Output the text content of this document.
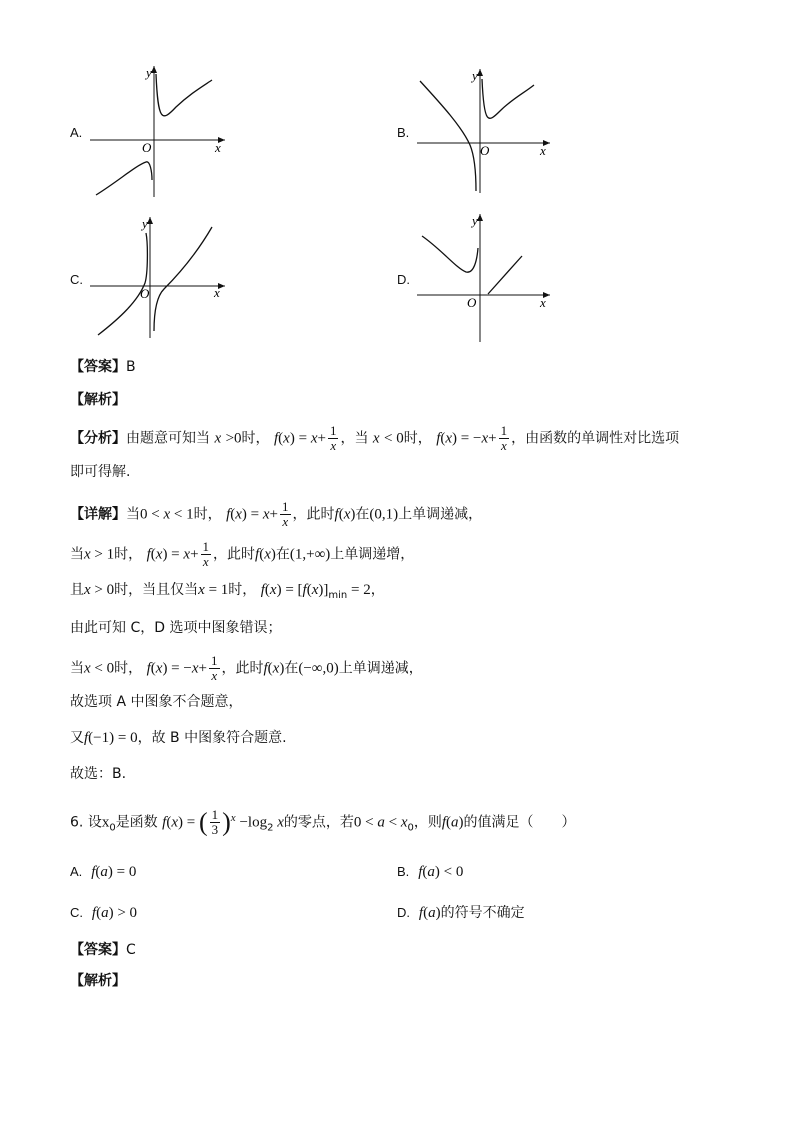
A.
y
x
O
B.
y
x
O
C.
y
x
O
D.
y
x
O
【答案】B
【解析】
【分析】由题意可知当 x >0时， $f(x) = x+ \frac{1}{x}$ ，当 x < 0时， $f(x) = -x+ \frac{1}{x}$ ，由函数的单调性对比选项
即可得解.
【详解】当0 < x < 1时， $f(x) = x+ \frac{1}{x}$ ，此时f(x)在(0,1)上单调递减，
当x > 1时， $f(x) = x+ \frac{1}{x}$ ，此时f(x)在(1,+∞)上单调递增，
且x > 0时，当且仅当x = 1时， $f(x) = [f(x)]_{min} = 2$，
由此可知 C，D 选项中图象错误；
当x < 0时， $f(x) = -x+ \frac{1}{x}$ ，此时f(x)在(−∞,0)上单调递减，
故选项 A 中图象不合题意，
又f(−1) = 0，故 B 中图象符合题意.
故选：B.
6. 设$x_0$是函数 f(x) = ( $\frac{1}{3} )^x -\log_2$ x的零点，若$0 < a < x_0$，则f(a)的值满足（　　）
A. f(a) = 0	B. f(a) < 0
C. f(a) > 0	D. f(a)的符号不确定
【答案】C
【解析】
